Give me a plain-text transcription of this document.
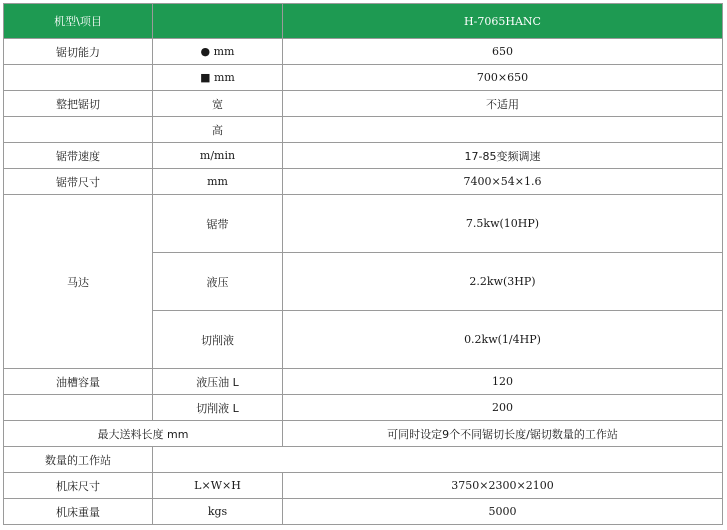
机型\项目		H-7065HANC
锯切能力	● mm	650
	■ mm	700×650
整把锯切	宽	不适用
	高	
锯带速度	m/min	17-85变频调速
锯带尺寸	mm	7400×54×1.6
马达	锯带	7.5kw(10HP)
	液压	2.2kw(3HP)
	切削液	0.2kw(1/4HP)
油槽容量	液压油 L	120
	切削液 L	200
最大送料长度 mm		可同时设定9个不同锯切长度/锯切数量的工作站
数量的工作站		
机床尺寸	L×W×H	3750×2300×2100
机床重量	kgs	5000
